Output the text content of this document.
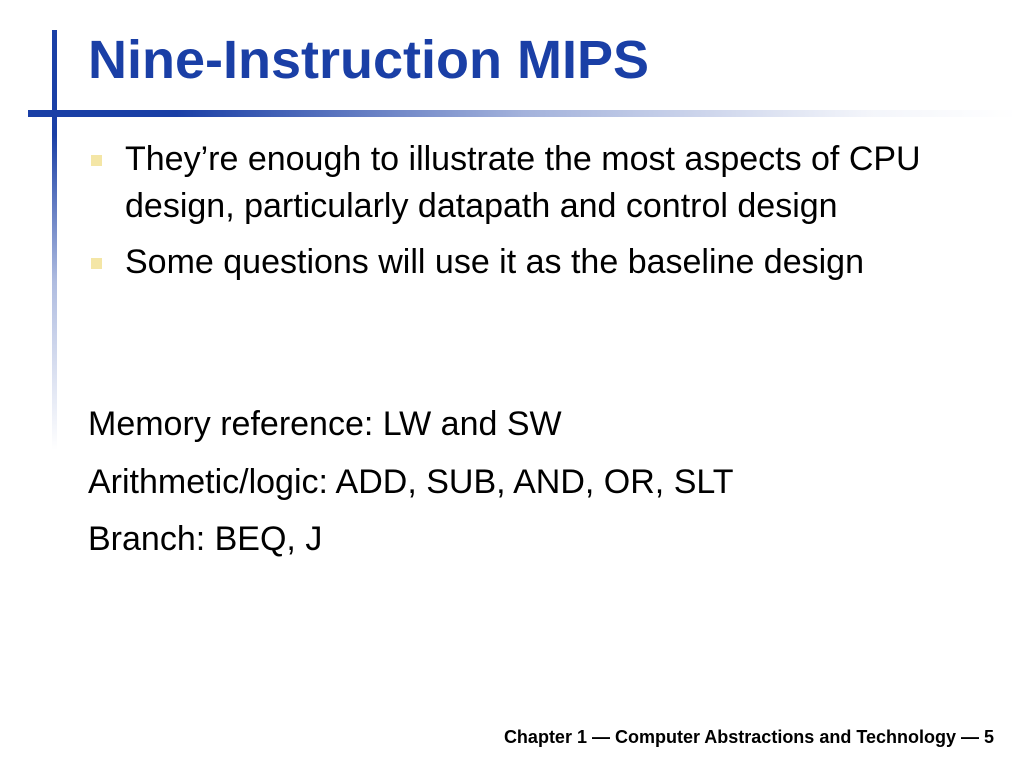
Nine-Instruction MIPS
They’re enough to illustrate the most aspects of CPU design, particularly datapath and control design
Some questions will use it as the baseline design

Memory reference: LW and SW

Arithmetic/logic: ADD, SUB, AND, OR, SLT

Branch: BEQ, J

Chapter 1 — Computer Abstractions and Technology — 5
